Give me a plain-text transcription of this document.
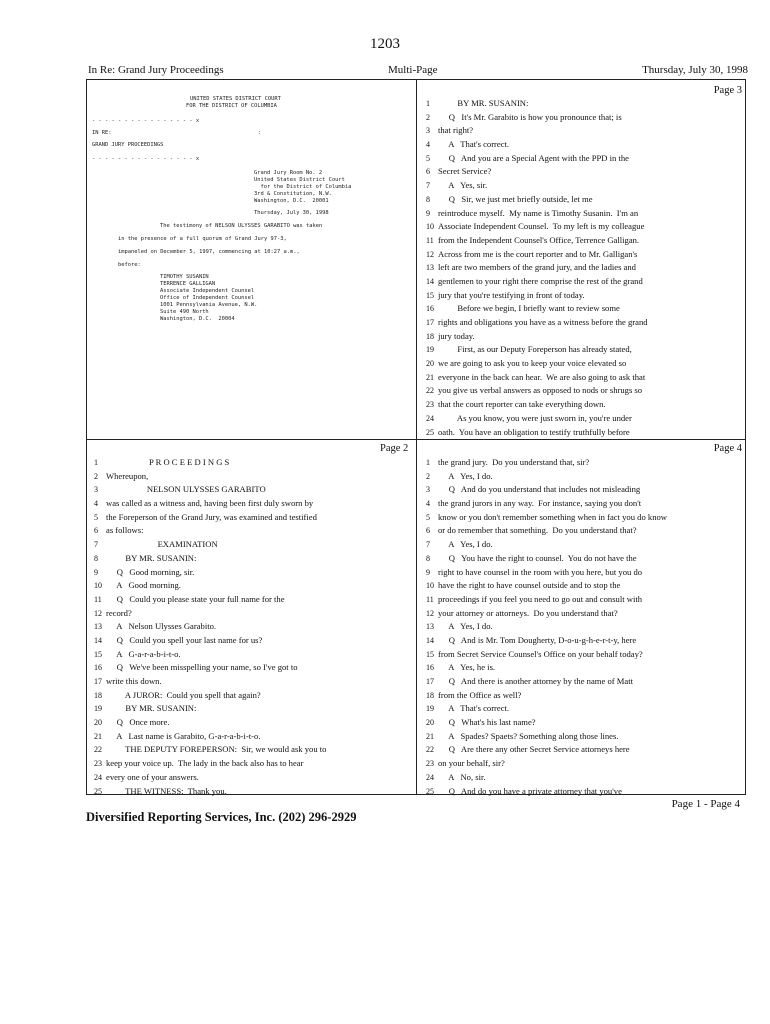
1203
In Re: Grand Jury Proceedings	Multi-Page	Thursday, July 30, 1998
UNITED STATES DISTRICT COURT
FOR THE DISTRICT OF COLUMBIA
- - - - - - - - - - - - - - - - x
IN RE:	:
GRAND JURY PROCEEDINGS
- - - - - - - - - - - - - - - - x
Grand Jury Room No. 2
United States District Court
for the District of Columbia
3rd & Constitution, N.W.
Washington, D.C.  20001
Thursday, July 30, 1998
The testimony of NELSON ULYSSES GARABITO was taken
in the presence of a full quorum of Grand Jury 97-3,
impaneled on December 5, 1997, commencing at 10:27 a.m.,
before:
TIMOTHY SUSANIN
TERRENCE GALLIGAN
Associate Independent Counsel
Office of Independent Counsel
1001 Pennsylvania Avenue, N.W.
Suite 490 North
Washington, D.C.  20004
Page 3
Page 2	Page 4
1         BY MR. SUSANIN:
2     Q   It's Mr. Garabito is how you pronounce that; is
3 that right?
4     A   That's correct.
5     Q   And you are a Special Agent with the PPD in the
6 Secret Service?
7     A   Yes, sir.
8     Q   Sir, we just met briefly outside, let me
9 reintroduce myself.  My name is Timothy Susanin.  I'm an
10 Associate Independent Counsel.  To my left is my colleague
11 from the Independent Counsel's Office, Terrence Galligan.
12 Across from me is the court reporter and to Mr. Galligan's
13 left are two members of the grand jury, and the ladies and
14 gentlemen to your right there comprise the rest of the grand
15 jury that you're testifying in front of today.
16         Before we begin, I briefly want to review some
17 rights and obligations you have as a witness before the grand
18 jury today.
19         First, as our Deputy Foreperson has already stated,
20 we are going to ask you to keep your voice elevated so
21 everyone in the back can hear.  We are also going to ask that
22 you give us verbal answers as opposed to nods or shrugs so
23 that the court reporter can take everything down.
24         As you know, you were just sworn in, you're under
25 oath.  You have an obligation to testify truthfully before
1                    P R O C E E D I N G S
2 Whereupon,
3                   NELSON ULYSSES GARABITO
4 was called as a witness and, having been first duly sworn by
5 the Foreperson of the Grand Jury, was examined and testified
6 as follows:
7                        EXAMINATION
8         BY MR. SUSANIN:
9     Q   Good morning, sir.
10     A   Good morning.
11     Q   Could you please state your full name for the
12 record?
13     A   Nelson Ulysses Garabito.
14     Q   Could you spell your last name for us?
15     A   G-a-r-a-b-i-t-o.
16     Q   We've been misspelling your name, so I've got to
17 write this down.
18         A JUROR:  Could you spell that again?
19         BY MR. SUSANIN:
20     Q   Once more.
21     A   Last name is Garabito, G-a-r-a-b-i-t-o.
22         THE DEPUTY FOREPERSON:  Sir, we would ask you to
23 keep your voice up.  The lady in the back also has to hear
24 every one of your answers.
25         THE WITNESS:  Thank you.
1 the grand jury.  Do you understand that, sir?
2     A   Yes, I do.
3     Q   And do you understand that includes not misleading
4 the grand jurors in any way.  For instance, saying you don't
5 know or you don't remember something when in fact you do know
6 or do remember that something.  Do you understand that?
7     A   Yes, I do.
8     Q   You have the right to counsel.  You do not have the
9 right to have counsel in the room with you here, but you do
10 have the right to have counsel outside and to stop the
11 proceedings if you feel you need to go out and consult with
12 your attorney or attorneys.  Do you understand that?
13     A   Yes, I do.
14     Q   And is Mr. Tom Dougherty, D-o-u-g-h-e-r-t-y, here
15 from Secret Service Counsel's Office on your behalf today?
16     A   Yes, he is.
17     Q   And there is another attorney by the name of Matt
18 from the Office as well?
19     A   That's correct.
20     Q   What's his last name?
21     A   Spades? Spaets? Something along those lines.
22     Q   Are there any other Secret Service attorneys here
23 on your behalf, sir?
24     A   No, sir.
25     Q   And do you have a private attorney that you've
Page 1 - Page 4
Diversified Reporting Services, Inc. (202) 296-2929
